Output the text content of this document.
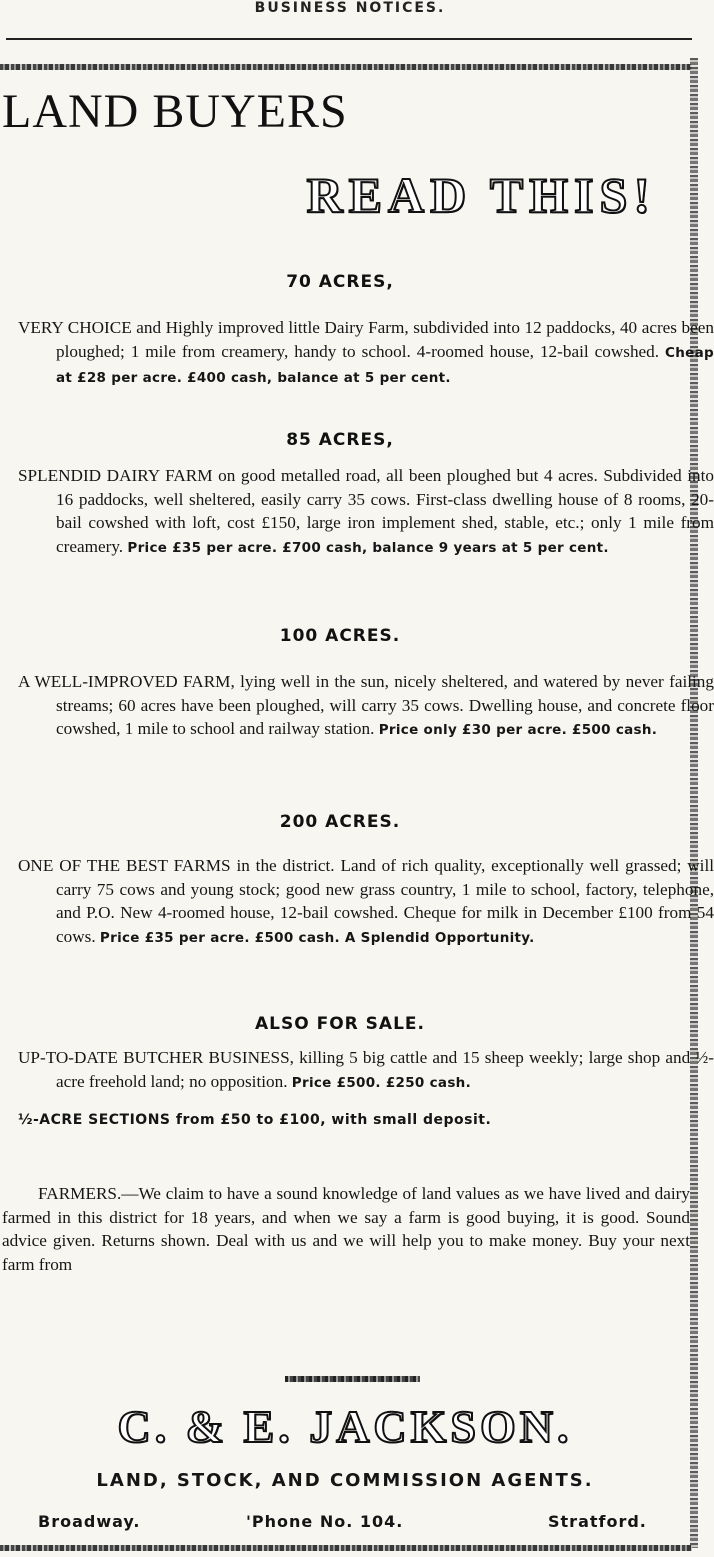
BUSINESS NOTICES.
LAND BUYERS
READ THIS!
70 ACRES,
VERY CHOICE and Highly improved little Dairy Farm, subdivided into 12 paddocks, 40 acres been ploughed; 1 mile from creamery, handy to school. 4-roomed house, 12-bail cowshed. Cheap at £28 per acre. £400 cash, balance at 5 per cent.
85 ACRES,
SPLENDID DAIRY FARM on good metalled road, all been ploughed but 4 acres. Subdivided into 16 paddocks, well sheltered, easily carry 35 cows. First-class dwelling house of 8 rooms, 20-bail cowshed with loft, cost £150, large iron implement shed, stable, etc.; only 1 mile from creamery. Price £35 per acre. £700 cash, balance 9 years at 5 per cent.
100 ACRES.
A WELL-IMPROVED FARM, lying well in the sun, nicely sheltered, and watered by never failing streams; 60 acres have been ploughed, will carry 35 cows. Dwelling house, and concrete floor cowshed, 1 mile to school and railway station. Price only £30 per acre. £500 cash.
200 ACRES.
ONE OF THE BEST FARMS in the district. Land of rich quality, exceptionally well grassed; will carry 75 cows and young stock; good new grass country, 1 mile to school, factory, telephone, and P.O. New 4-roomed house, 12-bail cowshed. Cheque for milk in December £100 from 54 cows. Price £35 per acre. £500 cash. A Splendid Opportunity.
ALSO FOR SALE.
UP-TO-DATE BUTCHER BUSINESS, killing 5 big cattle and 15 sheep weekly; large shop and ½-acre freehold land; no opposition. Price £500. £250 cash.
½-ACRE SECTIONS from £50 to £100, with small deposit.
FARMERS.—We claim to have a sound knowledge of land values as we have lived and dairy farmed in this district for 18 years, and when we say a farm is good buying, it is good. Sound advice given. Returns shown. Deal with us and we will help you to make money. Buy your next farm from
C. & E. JACKSON.
LAND, STOCK, AND COMMISSION AGENTS.
Broadway.	'Phone No. 104.	Stratford.
